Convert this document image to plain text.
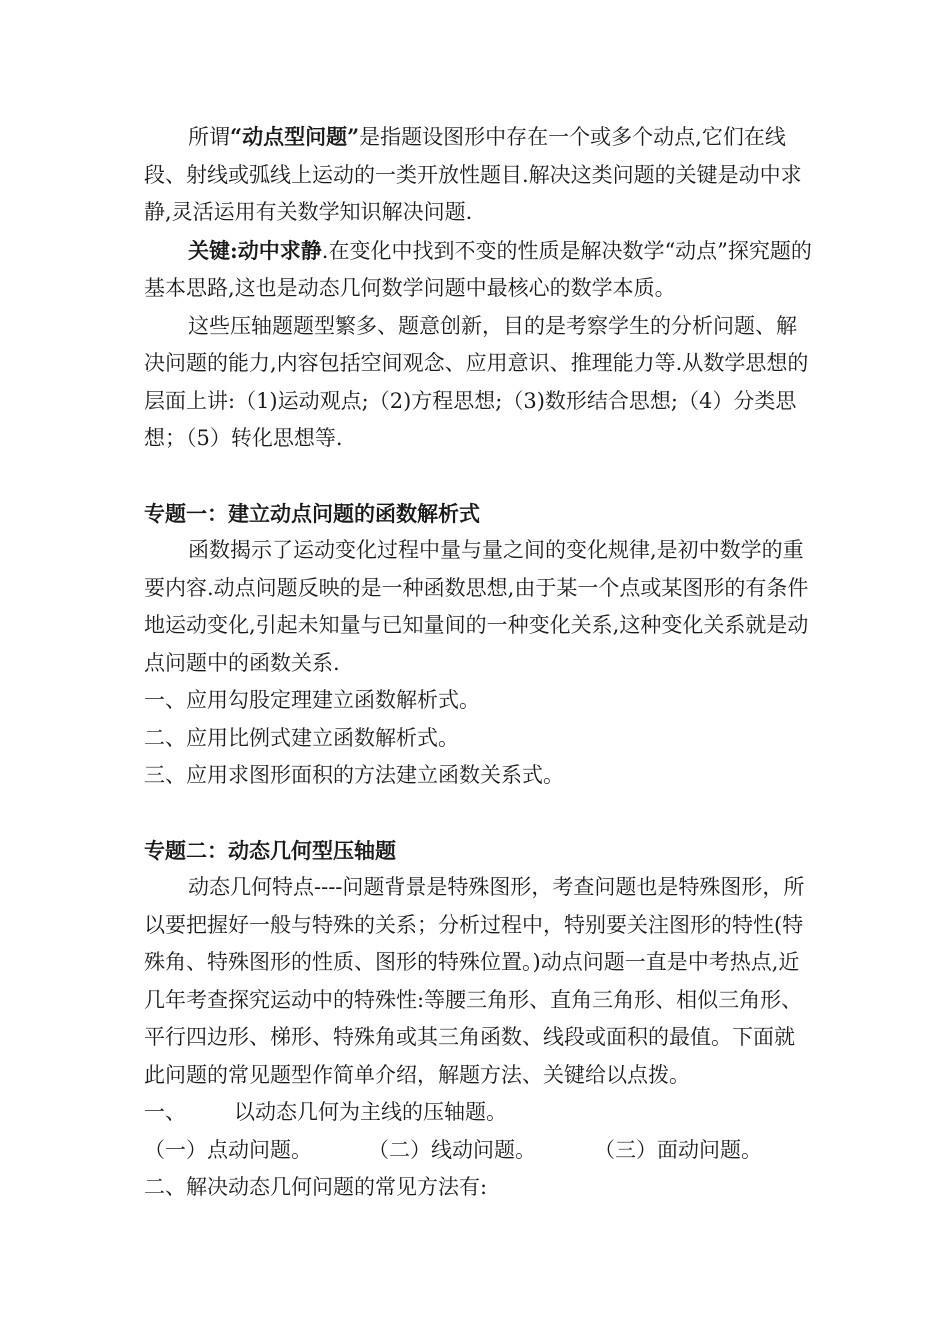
所谓“动点型问题”是指题设图形中存在一个或多个动点,它们在线段、射线或弧线上运动的一类开放性题目.解决这类问题的关键是动中求静,灵活运用有关数学知识解决问题.

关键:动中求静.在变化中找到不变的性质是解决数学“动点”探究题的基本思路,这也是动态几何数学问题中最核心的数学本质。

这些压轴题题型繁多、题意创新，目的是考察学生的分析问题、解决问题的能力,内容包括空间观念、应用意识、推理能力等.从数学思想的层面上讲:（1)运动观点;（2)方程思想;（3)数形结合思想;（4）分类思想；（5）转化思想等.

专题一：建立动点问题的函数解析式

函数揭示了运动变化过程中量与量之间的变化规律,是初中数学的重要内容.动点问题反映的是一种函数思想,由于某一个点或某图形的有条件地运动变化,引起未知量与已知量间的一种变化关系,这种变化关系就是动点问题中的函数关系.

一、应用勾股定理建立函数解析式。

二、应用比例式建立函数解析式。

三、应用求图形面积的方法建立函数关系式。

专题二：动态几何型压轴题

动态几何特点----问题背景是特殊图形，考查问题也是特殊图形，所以要把握好一般与特殊的关系；分析过程中，特别要关注图形的特性(特殊角、特殊图形的性质、图形的特殊位置。)动点问题一直是中考热点,近几年考查探究运动中的特殊性:等腰三角形、直角三角形、相似三角形、平行四边形、梯形、特殊角或其三角函数、线段或面积的最值。下面就此问题的常见题型作简单介绍，解题方法、关键给以点拨。

一、 以动态几何为主线的压轴题。

（一）点动问题。	（二）线动问题。	（三）面动问题。

二、解决动态几何问题的常见方法有:
